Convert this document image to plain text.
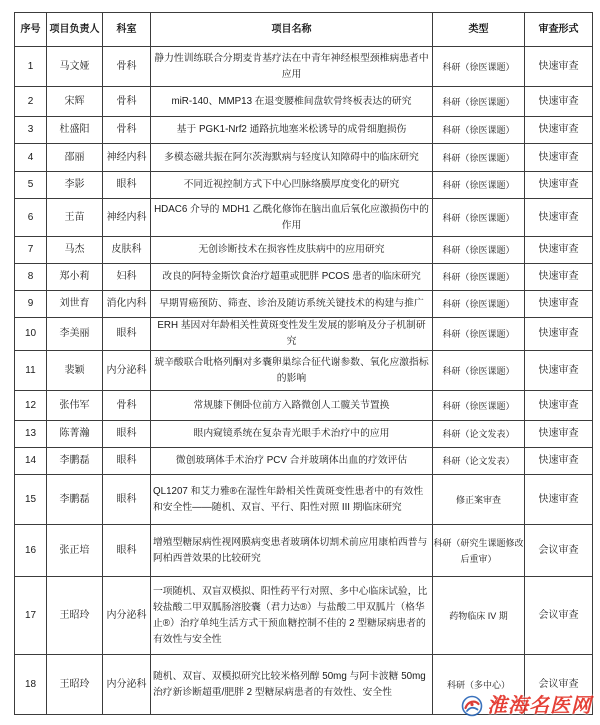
序号	项目负责人	科室	项目名称	类型	审查形式
1	马文娅	骨科	静力性训练联合分期麦肯基疗法在中青年神经根型颈椎病患者中应用	科研（徐医课题）	快速审查
2	宋辉	骨科	miR-140、MMP13 在退变腰椎间盘软骨终板表达的研究	科研（徐医课题）	快速审查
3	杜盛阳	骨科	基于 PGK1-Nrf2 通路抗地塞米松诱导的成骨细胞损伤	科研（徐医课题）	快速审查
4	邵丽	神经内科	多模态磁共振在阿尔茨海默病与轻度认知障碍中的临床研究	科研（徐医课题）	快速审查
5	李影	眼科	不同近视控制方式下中心凹脉络膜厚度变化的研究	科研（徐医课题）	快速审查
6	王苗	神经内科	HDAC6 介导的 MDH1 乙酰化修饰在脑出血后氧化应激损伤中的作用	科研（徐医课题）	快速审查
7	马杰	皮肤科	无创诊断技术在损容性皮肤病中的应用研究	科研（徐医课题）	快速审查
8	郑小莉	妇科	改良的阿特金斯饮食治疗超重或肥胖 PCOS 患者的临床研究	科研（徐医课题）	快速审查
9	刘世育	消化内科	早期胃癌预防、筛查、诊治及随访系统关键技术的构建与推广	科研（徐医课题）	快速审查
10	李美丽	眼科	ERH 基因对年龄相关性黄斑变性发生发展的影响及分子机制研究	科研（徐医课题）	快速审查
11	裴颖	内分泌科	琥辛酸联合吡格列酮对多囊卵巢综合征代谢参数、氧化应激指标的影响	科研（徐医课题）	快速审查
12	张伟军	骨科	常规膝下侧卧位前方入路微创人工髋关节置换	科研（徐医课题）	快速审查
13	陈菁瀚	眼科	眼内窥镜系统在复杂青光眼手术治疗中的应用	科研（论文发表）	快速审查
14	李鹏磊	眼科	微创玻璃体手术治疗 PCV 合并玻璃体出血的疗效评估	科研（论文发表）	快速审查
15	李鹏磊	眼科	QL1207 和艾力雅®在湿性年龄相关性黄斑变性患者中的有效性和安全性——随机、双盲、平行、阳性对照 III 期临床研究	修正案审查	快速审查
16	张正培	眼科	增殖型糖尿病性视网膜病变患者玻璃体切割术前应用康柏西普与阿柏西普效果的比较研究	科研（研究生课题修改后重审）	会议审查
17	王昭玲	内分泌科	一项随机、双盲双模拟、阳性药平行对照、多中心临床试验，比较盐酸二甲双胍肠溶胶囊（君力达®）与盐酸二甲双胍片（格华止®）治疗单纯生活方式干预血糖控制不佳的 2 型糖尿病患者的有效性与安全性	药物临床 IV 期	会议审查
18	王昭玲	内分泌科	随机、双盲、双模拟研究比较米格列醇 50mg 与阿卡波糖 50mg 治疗新诊断超重/肥胖 2 型糖尿病患者的有效性、安全性	科研（多中心）	会议审查
淮海名医网
